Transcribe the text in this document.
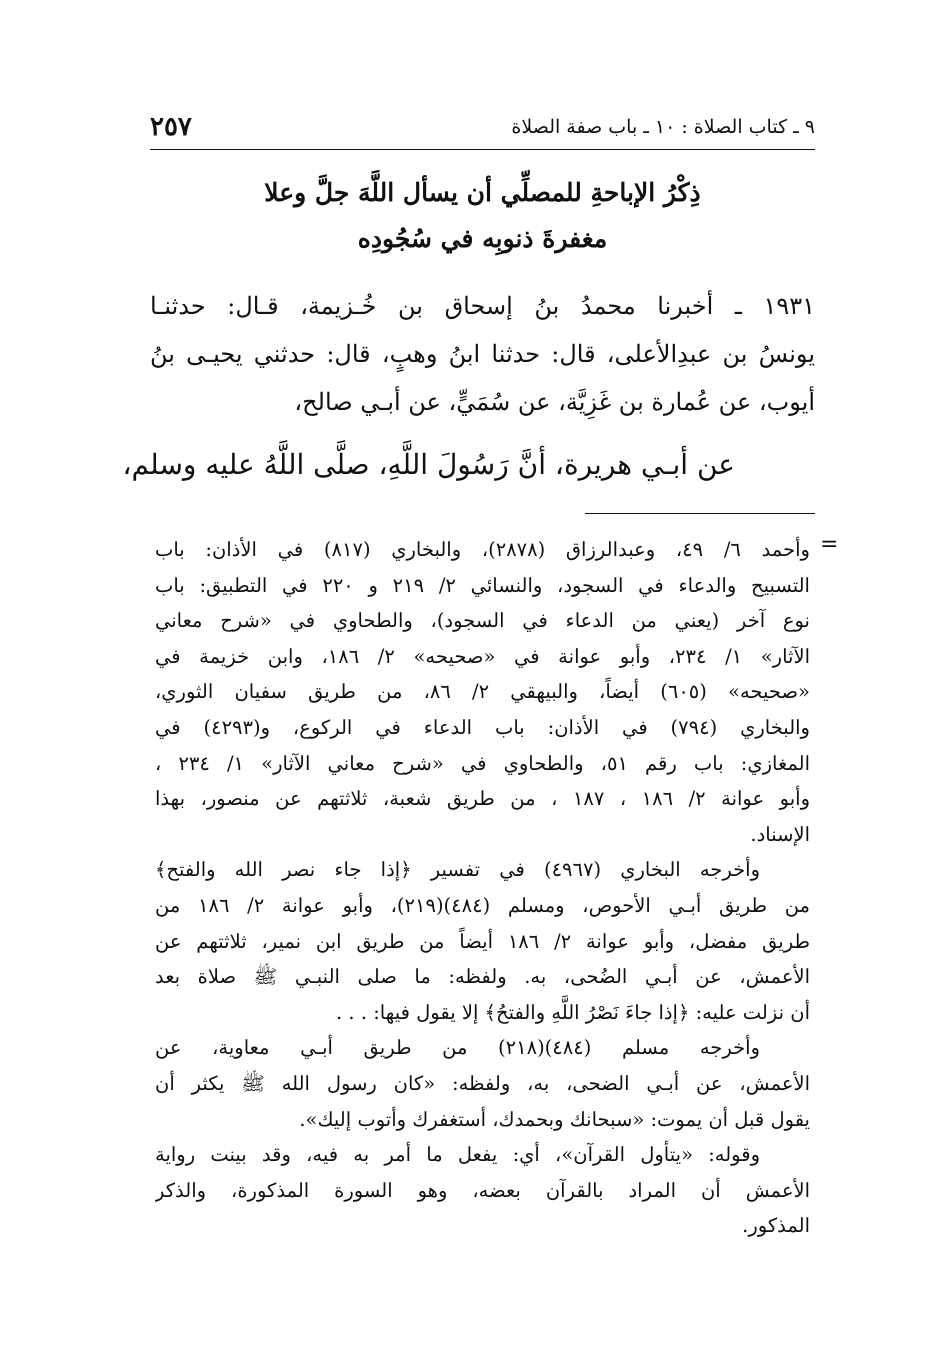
٩ ـ كتاب الصلاة : ١٠ ـ باب صفة الصلاة
٢٥٧
ذِكْرُ الإباحةِ للمصلِّي أن يسأل اللَّهَ جلَّ وعلا
مغفرةَ ذنوبِه في سُجُودِه
١٩٣١ ـ أخبرنا محمدُ بنُ إسحاق بن خُـزيمة، قـال: حدثنـا
يونسُ بن عبدِالأعلى، قال: حدثنا ابنُ وهبٍ، قال: حدثني يحيـى بنُ
أيوب، عن عُمارة بن غَزِيَّة، عن سُمَيٍّ، عن أبـي صالح،
عن أبـي هريرة، أنَّ رَسُولَ اللَّهِ، صلَّى اللَّهُ عليه وسلم،
=
وأحمد ٦/ ٤٩، وعبدالرزاق (٢٨٧٨)، والبخاري (٨١٧) في الأذان: باب
التسبيح والدعاء في السجود، والنسائي ٢/ ٢١٩ و ٢٢٠ في التطبيق: باب
نوع آخر (يعني من الدعاء في السجود)، والطحاوي في «شرح معاني
الآثار» ١/ ٢٣٤، وأبو عوانة في «صحيحه» ٢/ ١٨٦، وابن خزيمة في
«صحيحه» (٦٠٥) أيضاً، والبيهقي ٢/ ٨٦، من طريق سفيان الثوري،
والبخاري (٧٩٤) في الأذان: باب الدعاء في الركوع، و(٤٢٩٣) في
المغازي: باب رقم ٥١، والطحاوي في «شرح معاني الآثار» ١/ ٢٣٤ ،
وأبو عوانة ٢/ ١٨٦ ، ١٨٧ ، من طريق شعبة، ثلاثتهم عن منصور، بهذا
الإسناد.
وأخرجه البخاري (٤٩٦٧) في تفسير ﴿إذا جاء نصر الله والفتح﴾
من طريق أبـي الأحوص، ومسلم (٤٨٤)(٢١٩)، وأبو عوانة ٢/ ١٨٦ من
طريق مفضل، وأبو عوانة ٢/ ١٨٦ أيضاً من طريق ابن نمير، ثلاثتهم عن
الأعمش، عن أبـي الضُحى، به. ولفظه: ما صلى النبـي ﷺ صلاة بعد
أن نزلت عليه: ﴿إذا جاءَ نَصْرُ اللَّهِ والفتحُ﴾ إلا يقول فيها: . . .
وأخرجه مسلم (٤٨٤)(٢١٨) من طريق أبـي معاوية، عن
الأعمش، عن أبـي الضحى، به، ولفظه: «كان رسول الله ﷺ يكثر أن
يقول قبل أن يموت: «سبحانك وبحمدك، أستغفرك وأتوب إليك».
وقوله: «يتأول القرآن»، أي: يفعل ما أمر به فيه، وقد بينت رواية
الأعمش أن المراد بالقرآن بعضه، وهو السورة المذكورة، والذكر
المذكور.
